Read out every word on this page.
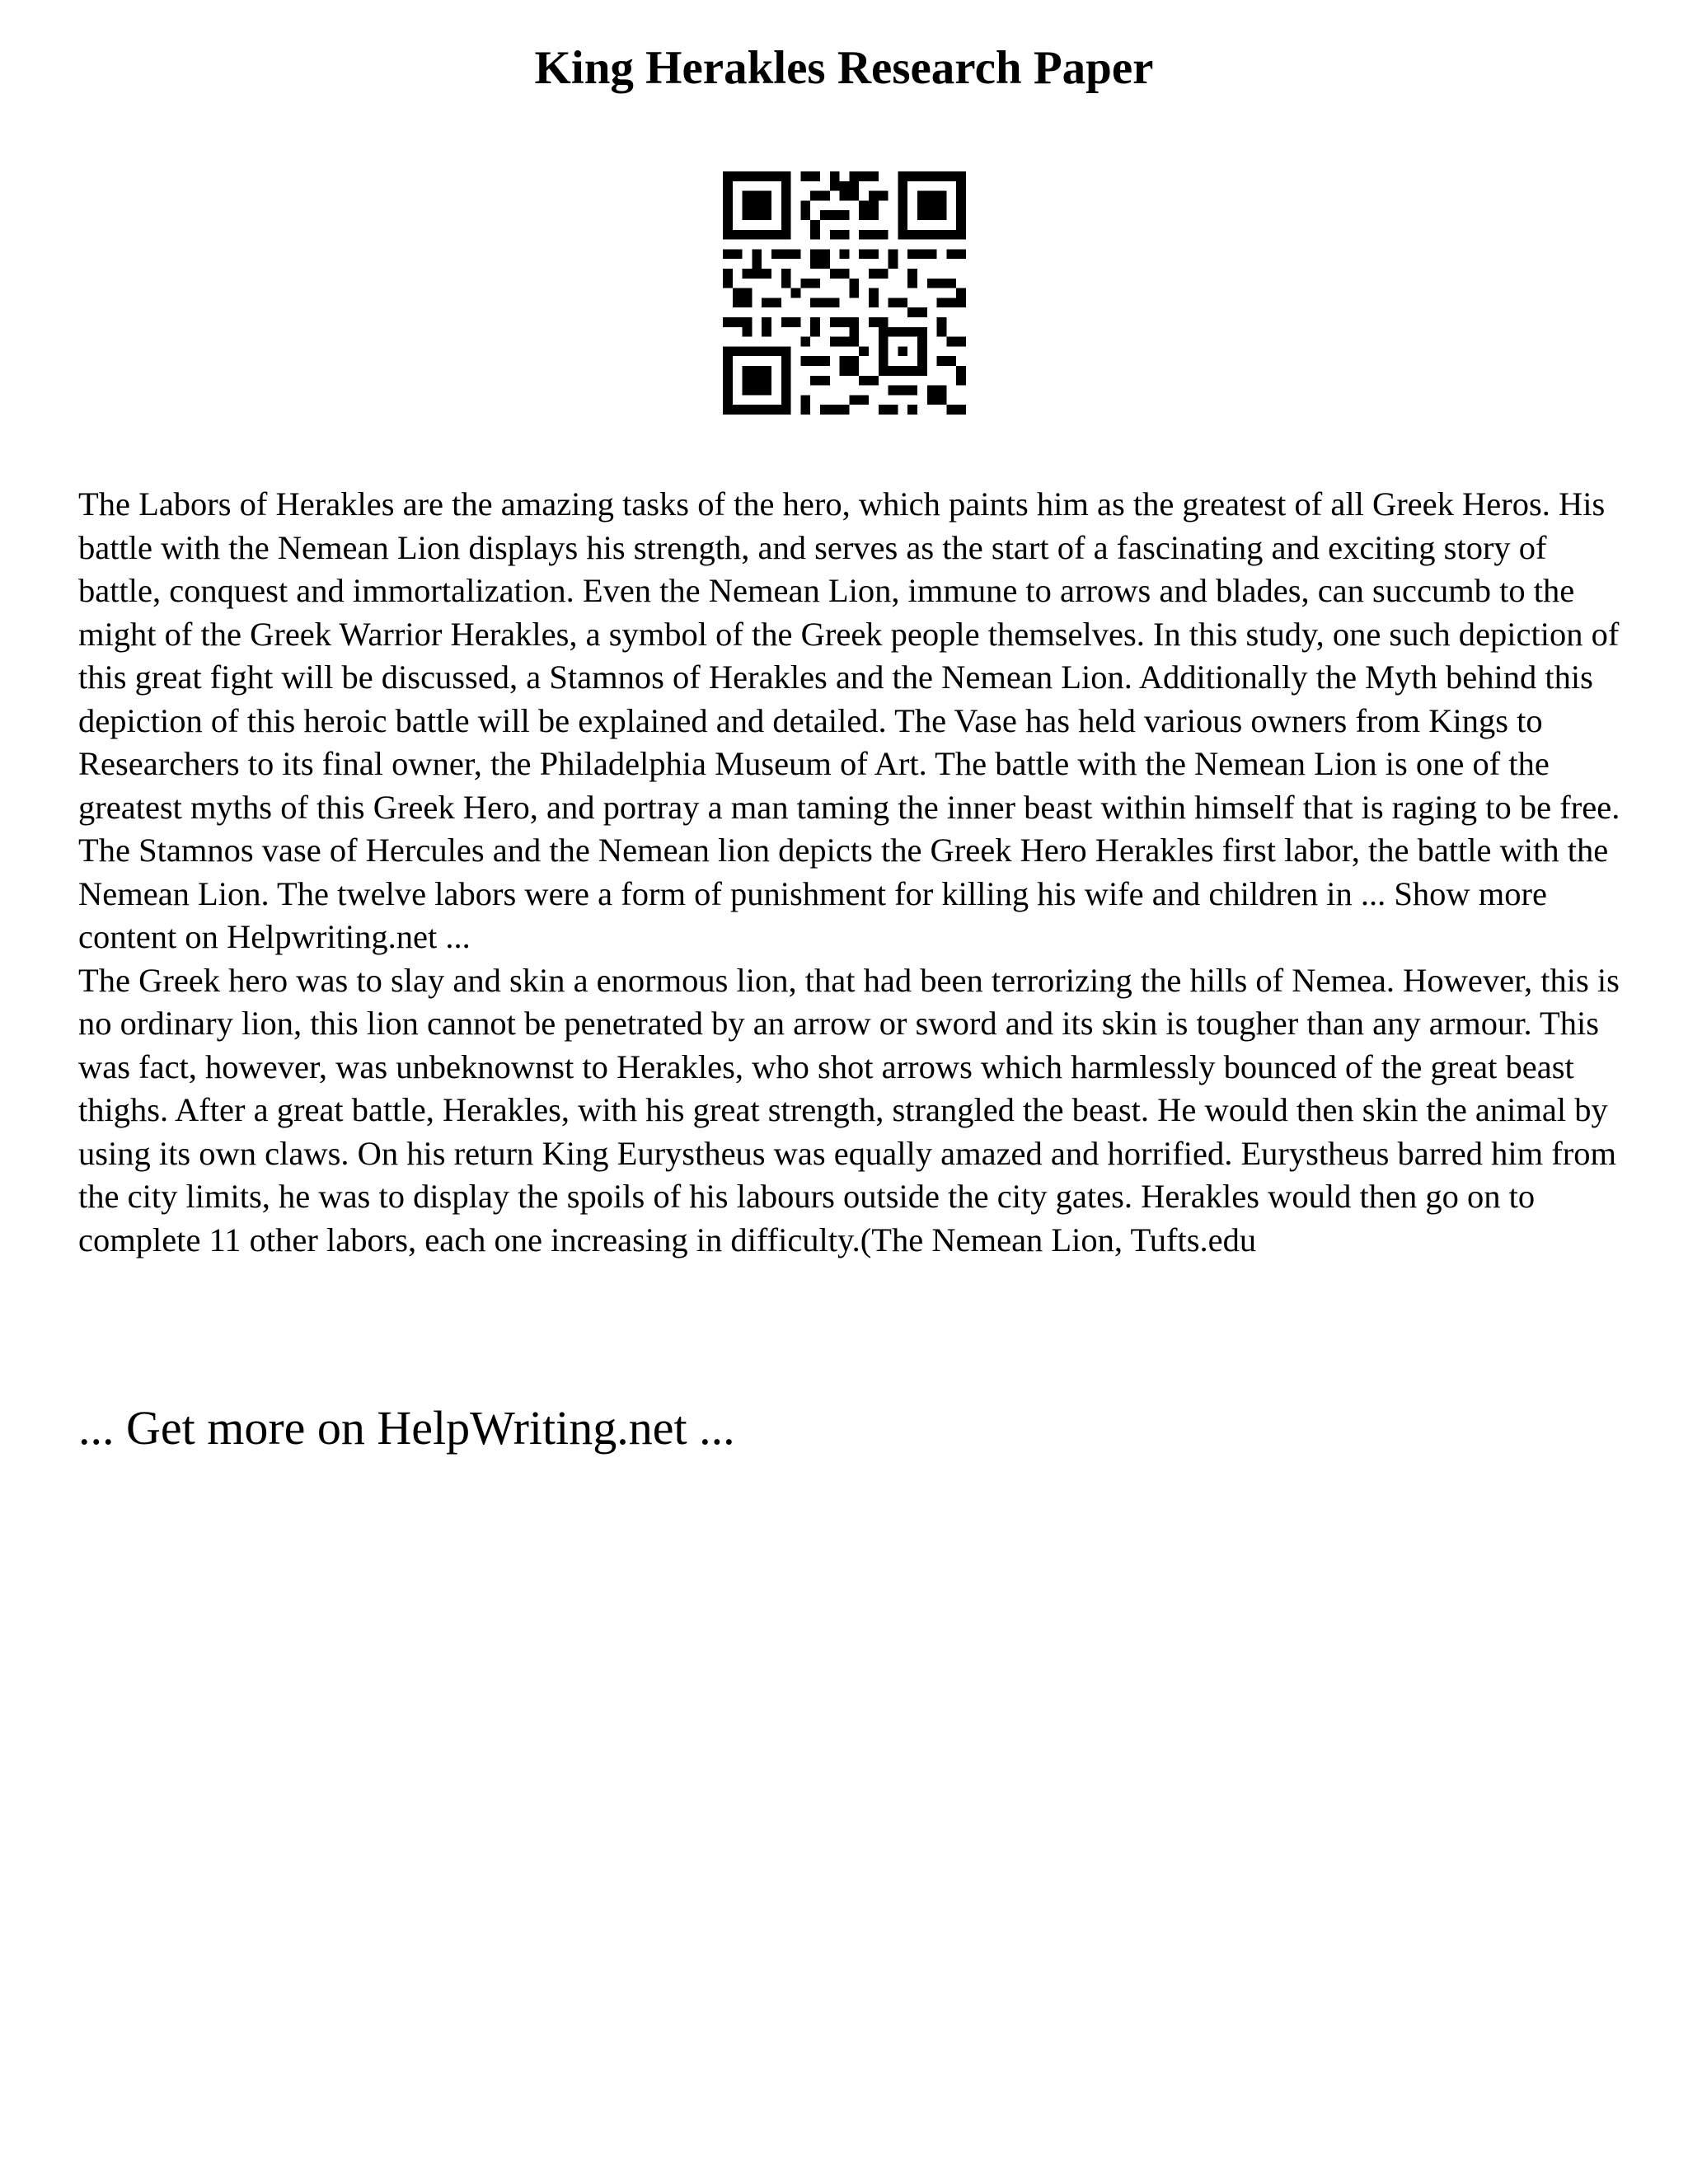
King Herakles Research Paper

The Labors of Herakles are the amazing tasks of the hero, which paints him as the greatest of all Greek Heros. His battle with the Nemean Lion displays his strength, and serves as the start of a fascinating and exciting story of battle, conquest and immortalization. Even the Nemean Lion, immune to arrows and blades, can succumb to the might of the Greek Warrior Herakles, a symbol of the Greek people themselves. In this study, one such depiction of this great fight will be discussed, a Stamnos of Herakles and the Nemean Lion. Additionally the Myth behind this depiction of this heroic battle will be explained and detailed. The Vase has held various owners from Kings to Researchers to its final owner, the Philadelphia Museum of Art. The battle with the Nemean Lion is one of the greatest myths of this Greek Hero, and portray a man taming the inner beast within himself that is raging to be free. The Stamnos vase of Hercules and the Nemean lion depicts the Greek Hero Herakles first labor, the battle with the Nemean Lion. The twelve labors were a form of punishment for killing his wife and children in ... Show more content on Helpwriting.net ...

The Greek hero was to slay and skin a enormous lion, that had been terrorizing the hills of Nemea. However, this is no ordinary lion, this lion cannot be penetrated by an arrow or sword and its skin is tougher than any armour. This was fact, however, was unbeknownst to Herakles, who shot arrows which harmlessly bounced of the great beast thighs. After a great battle, Herakles, with his great strength, strangled the beast. He would then skin the animal by using its own claws. On his return King Eurystheus was equally amazed and horrified. Eurystheus barred him from the city limits, he was to display the spoils of his labours outside the city gates. Herakles would then go on to complete 11 other labors, each one increasing in difficulty.(The Nemean Lion, Tufts.edu

... Get more on HelpWriting.net ...
